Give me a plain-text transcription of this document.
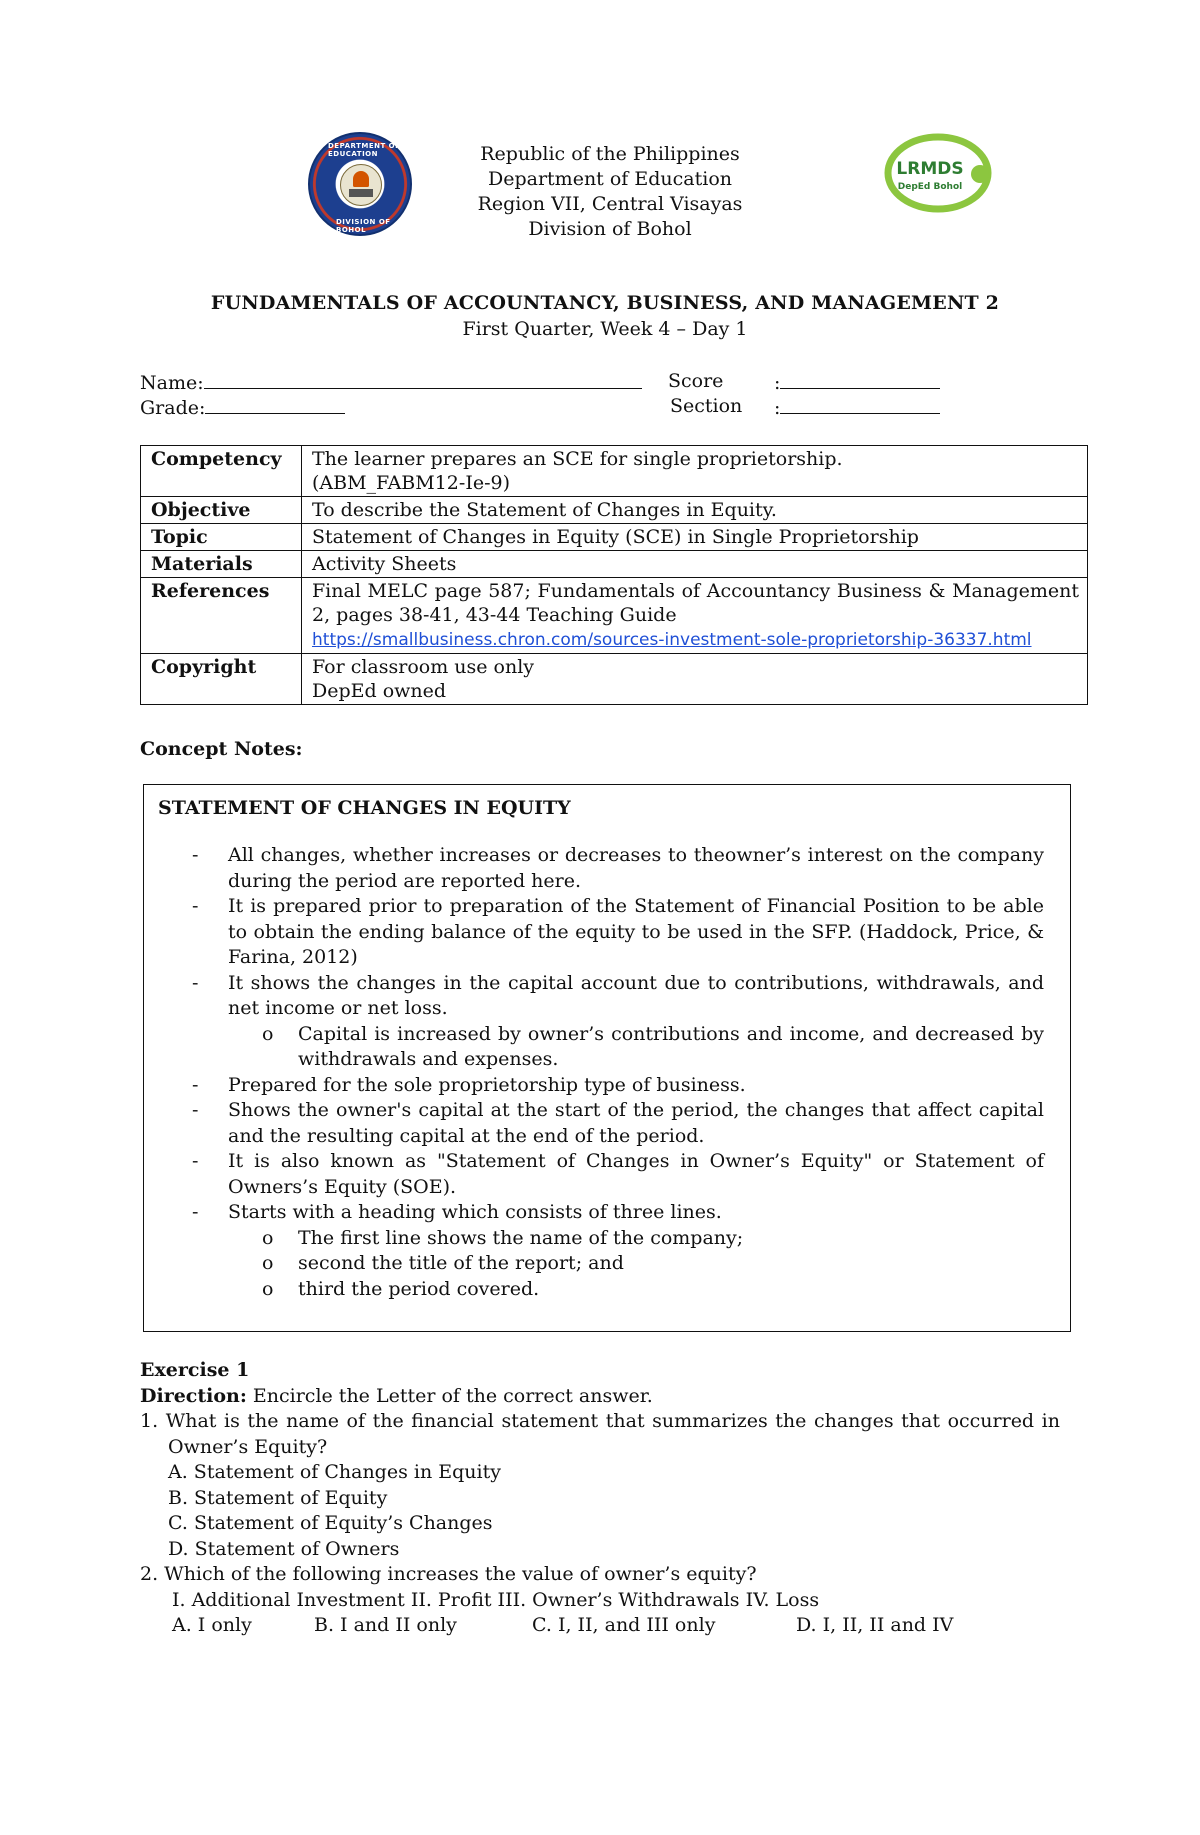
DEPARTMENT OF EDUCATION
DIVISION OF BOHOL
Republic of the Philippines
Department of Education
Region VII, Central Visayas
Division of Bohol
LRMDS
DepEd Bohol
FUNDAMENTALS OF ACCOUNTANCY, BUSINESS, AND MANAGEMENT 2
First Quarter, Week 4 – Day 1
Name:
Grade:
Score	:
Section :
Competency	The learner prepares an SCE for single proprietorship.
(ABM_FABM12-Ie-9)

Objective	To describe the Statement of Changes in Equity.

Topic	Statement of Changes in Equity (SCE) in Single Proprietorship

Materials	Activity Sheets

References	Final MELC page 587; Fundamentals of Accountancy Business & Management 2, pages 38-41, 43-44 Teaching Guide
https://smallbusiness.chron.com/sources-investment-sole-proprietorship-36337.html
Copyright	For classroom use only
DepEd owned
Concept Notes:
STATEMENT OF CHANGES IN EQUITY
- All changes, whether increases or decreases to theowner’s interest on the company during the period are reported here.
- It is prepared prior to preparation of the Statement of Financial Position to be able to obtain the ending balance of the equity to be used in the SFP. (Haddock, Price, & Farina, 2012)
- It shows the changes in the capital account due to contributions, withdrawals, and net income or net loss.
o Capital is increased by owner’s contributions and income, and decreased by withdrawals and expenses.
- Prepared for the sole proprietorship type of business.
- Shows the owner's capital at the start of the period, the changes that affect capital and the resulting capital at the end of the period.
- It is also known as "Statement of Changes in Owner’s Equity" or Statement of Owners’s Equity (SOE).
- Starts with a heading which consists of three lines.
o The first line shows the name of the company;
o second the title of the report; and
o third the period covered.
Exercise 1
Direction: Encircle the Letter of the correct answer.
1. What is the name of the financial statement that summarizes the changes that occurred in Owner’s Equity?
A. Statement of Changes in Equity
B. Statement of Equity
C. Statement of Equity’s Changes
D. Statement of Owners
2. Which of the following increases the value of owner’s equity?
I. Additional Investment II. Profit III. Owner’s Withdrawals IV. Loss
A. I only	B. I and II only	C. I, II, and III only	D. I, II, II and IV
